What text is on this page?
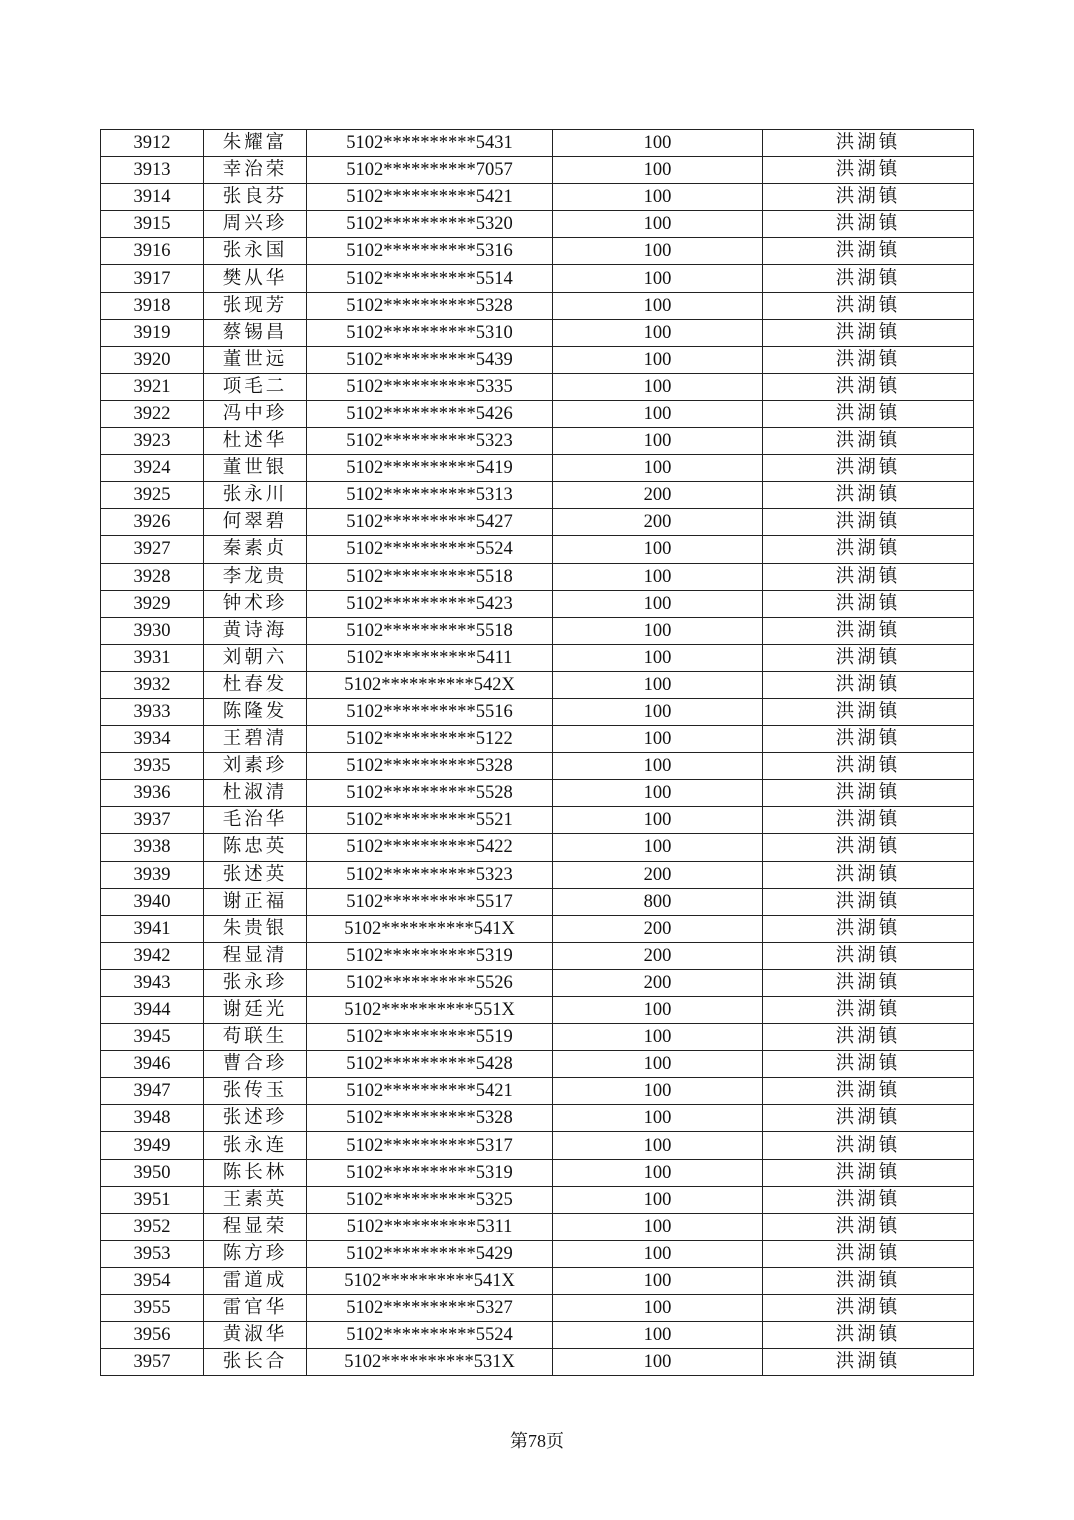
3912	朱耀富	5102**********5431	100	洪湖镇
3913	幸治荣	5102**********7057	100	洪湖镇
3914	张良芬	5102**********5421	100	洪湖镇
3915	周兴珍	5102**********5320	100	洪湖镇
3916	张永国	5102**********5316	100	洪湖镇
3917	樊从华	5102**********5514	100	洪湖镇
3918	张现芳	5102**********5328	100	洪湖镇
3919	蔡锡昌	5102**********5310	100	洪湖镇
3920	董世远	5102**********5439	100	洪湖镇
3921	项毛二	5102**********5335	100	洪湖镇
3922	冯中珍	5102**********5426	100	洪湖镇
3923	杜述华	5102**********5323	100	洪湖镇
3924	董世银	5102**********5419	100	洪湖镇
3925	张永川	5102**********5313	200	洪湖镇
3926	何翠碧	5102**********5427	200	洪湖镇
3927	秦素贞	5102**********5524	100	洪湖镇
3928	李龙贵	5102**********5518	100	洪湖镇
3929	钟术珍	5102**********5423	100	洪湖镇
3930	黄诗海	5102**********5518	100	洪湖镇
3931	刘朝六	5102**********5411	100	洪湖镇
3932	杜春发	5102**********542X	100	洪湖镇
3933	陈隆发	5102**********5516	100	洪湖镇
3934	王碧清	5102**********5122	100	洪湖镇
3935	刘素珍	5102**********5328	100	洪湖镇
3936	杜淑清	5102**********5528	100	洪湖镇
3937	毛治华	5102**********5521	100	洪湖镇
3938	陈忠英	5102**********5422	100	洪湖镇
3939	张述英	5102**********5323	200	洪湖镇
3940	谢正福	5102**********5517	800	洪湖镇
3941	朱贵银	5102**********541X	200	洪湖镇
3942	程显清	5102**********5319	200	洪湖镇
3943	张永珍	5102**********5526	200	洪湖镇
3944	谢廷光	5102**********551X	100	洪湖镇
3945	苟联生	5102**********5519	100	洪湖镇
3946	曹合珍	5102**********5428	100	洪湖镇
3947	张传玉	5102**********5421	100	洪湖镇
3948	张述珍	5102**********5328	100	洪湖镇
3949	张永连	5102**********5317	100	洪湖镇
3950	陈长林	5102**********5319	100	洪湖镇
3951	王素英	5102**********5325	100	洪湖镇
3952	程显荣	5102**********5311	100	洪湖镇
3953	陈方珍	5102**********5429	100	洪湖镇
3954	雷道成	5102**********541X	100	洪湖镇
3955	雷官华	5102**********5327	100	洪湖镇
3956	黄淑华	5102**********5524	100	洪湖镇
3957	张长合	5102**********531X	100	洪湖镇
第78页
